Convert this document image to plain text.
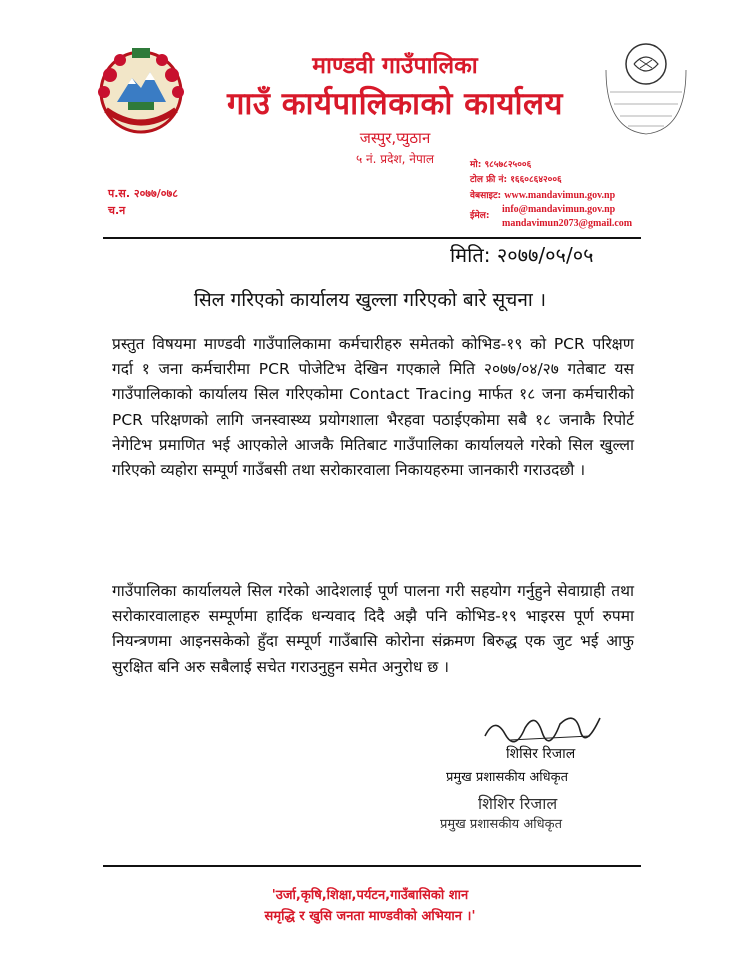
माण्डवी गाउँपालिका
गाउँ कार्यपालिकाको कार्यालय
जस्पुर,प्युठान
५ नं. प्रदेश, नेपाल	मो: ९८५७८२५००६
टोल फ्री नं: १६६०८६४२००६
वेबसाइट: www.mandavimun.gov.np
ईमेल:
info@mandavimun.gov.np
mandavimun2073@gmail.com
प.स. २०७७/०७८
च.न
मिति: २०७७/०५/०५
सिल गरिएको कार्यालय खुल्ला गरिएको बारे सूचना ।
प्रस्तुत विषयमा माण्डवी गाउँपालिकामा कर्मचारीहरु समेतको कोभिड-१९ को PCR परिक्षण गर्दा १ जना कर्मचारीमा PCR पोजेटिभ देखिन गएकाले मिति २०७७/०४/२७ गतेबाट यस गाउँपालिकाको कार्यालय सिल गरिएकोमा Contact Tracing मार्फत १८ जना कर्मचारीको PCR परिक्षणको लागि जनस्वास्थ्य प्रयोगशाला भैरहवा पठाईएकोमा सबै १८ जनाकै रिपोर्ट नेगेटिभ प्रमाणित भई आएकोले आजकै मितिबाट गाउँपालिका कार्यालयले गरेको सिल खुल्ला गरिएको व्यहोरा सम्पूर्ण गाउँबसी तथा सरोकारवाला निकायहरुमा जानकारी गराउदछौ ।
गाउँपालिका कार्यालयले सिल गरेको आदेशलाई पूर्ण पालना गरी सहयोग गर्नुहुने सेवाग्राही तथा सरोकारवालाहरु सम्पूर्णमा हार्दिक धन्यवाद दिदै अझै पनि कोभिड-१९ भाइरस पूर्ण रुपमा नियन्त्रणमा आइनसकेको हुँदा सम्पूर्ण गाउँबासि कोरोना संक्रमण बिरुद्ध एक जुट भई आफु सुरक्षित बनि अरु सबैलाई सचेत गराउनुहुन समेत अनुरोध छ ।
शिसिर रिजाल
प्रमुख प्रशासकीय अधिकृत
शिशिर रिजाल
प्रमुख प्रशासकीय अधिकृत
'उर्जा,कृषि,शिक्षा,पर्यटन,गाउँबासिको शान
समृद्धि र खुसि जनता माण्डवीको अभियान ।'
